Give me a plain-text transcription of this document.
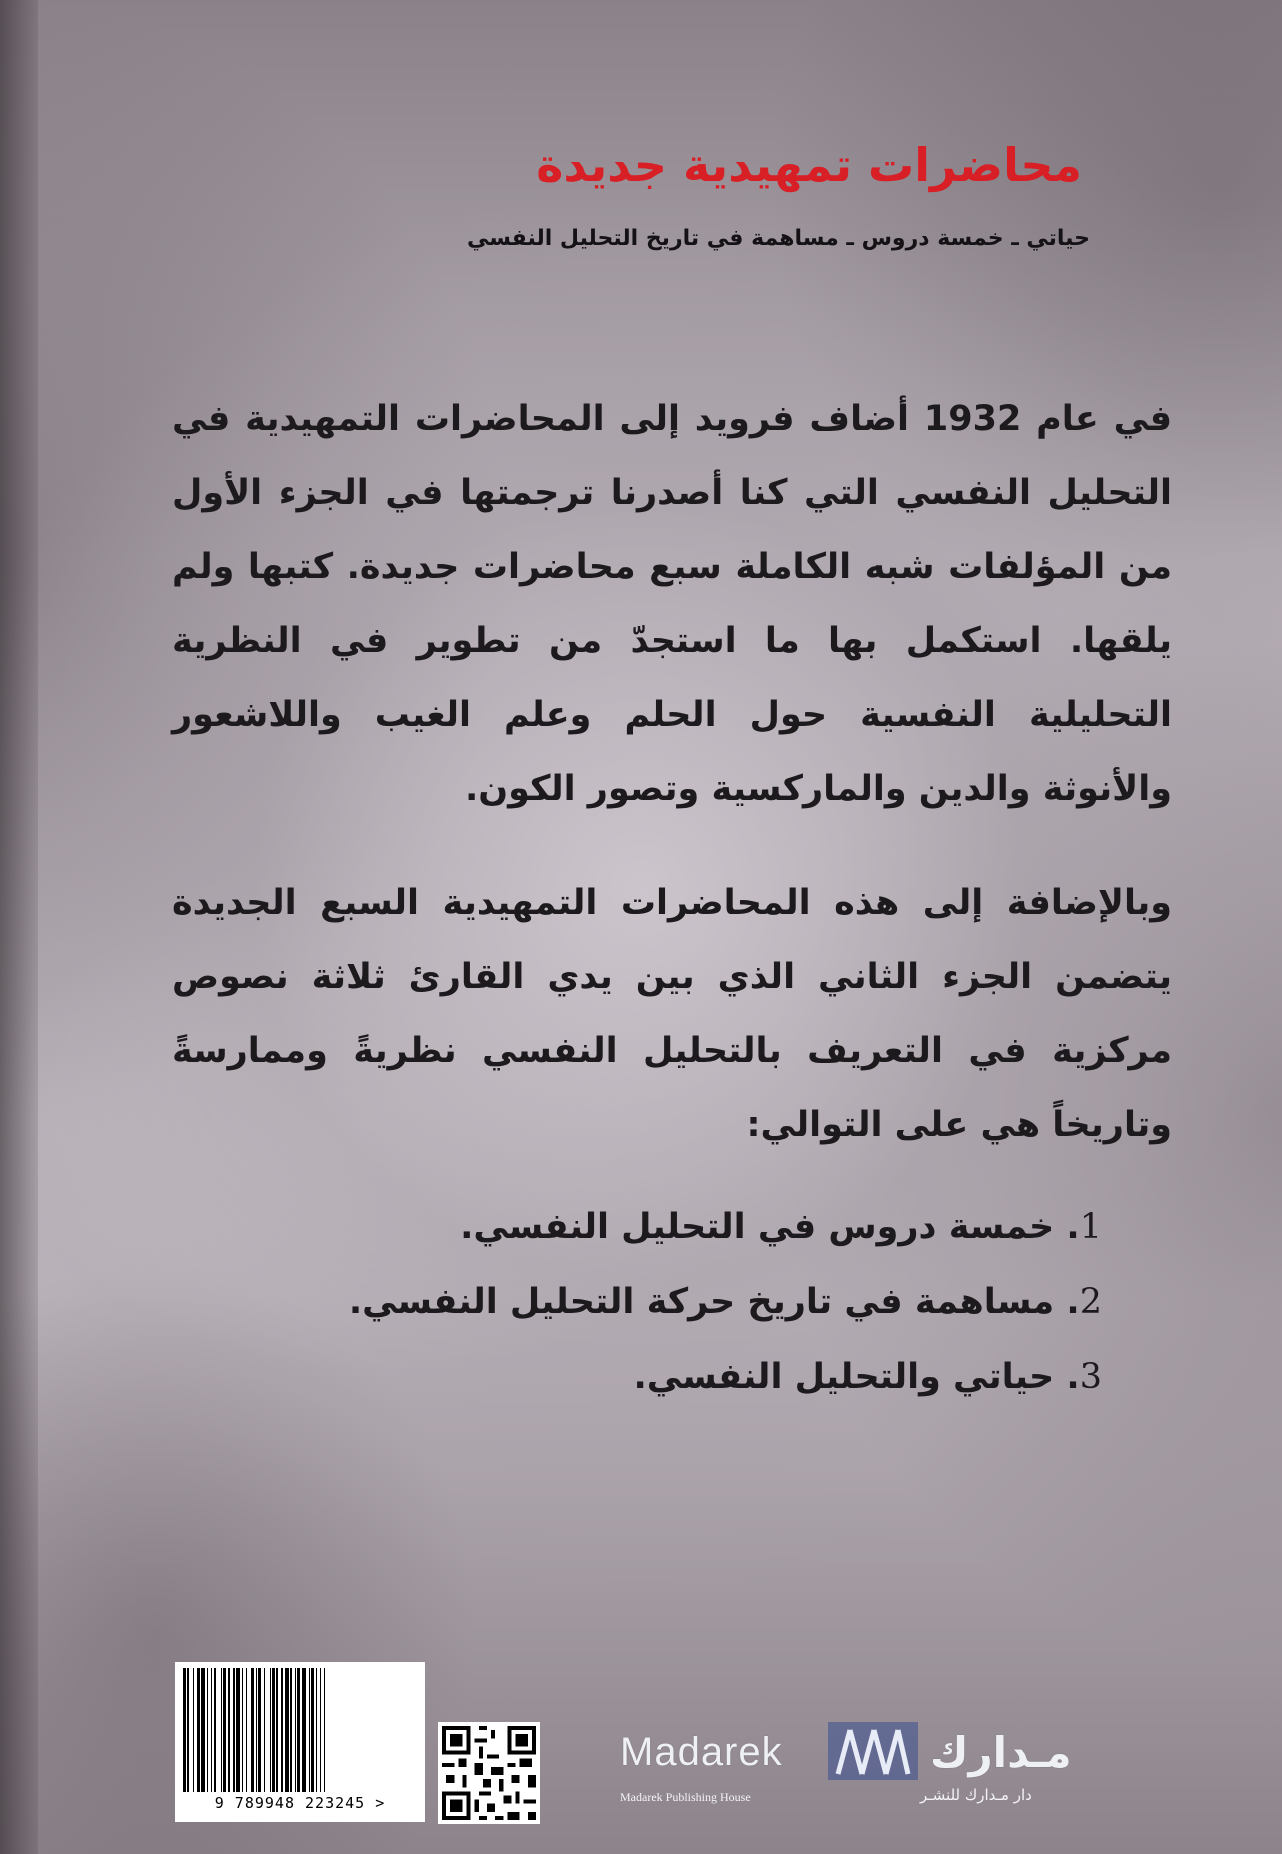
محاضرات تمهيدية جديدة
حياتي ـ خمسة دروس ـ مساهمة في تاريخ التحليل النفسي

في عام 1932 أضاف فرويد إلى المحاضرات التمهيدية في التحليل النفسي التي كنا أصدرنا ترجمتها في الجزء الأول من المؤلفات شبه الكاملة سبع محاضرات جديدة. كتبها ولم يلقها. استكمل بها ما استجدّ من تطوير في النظرية التحليلية النفسية حول الحلم وعلم الغيب واللاشعور والأنوثة والدين والماركسية وتصور الكون.

وبالإضافة إلى هذه المحاضرات التمهيدية السبع الجديدة يتضمن الجزء الثاني الذي بين يدي القارئ ثلاثة نصوص مركزية في التعريف بالتحليل النفسي نظريةً وممارسةً وتاريخاً هي على التوالي:

1. خمسة دروس في التحليل النفسي.
2. مساهمة في تاريخ حركة التحليل النفسي.
3. حياتي والتحليل النفسي.
9 789948 223245 >
Madarek	مـدارك
Madarek Publishing House	دار مـدارك للنشـر
